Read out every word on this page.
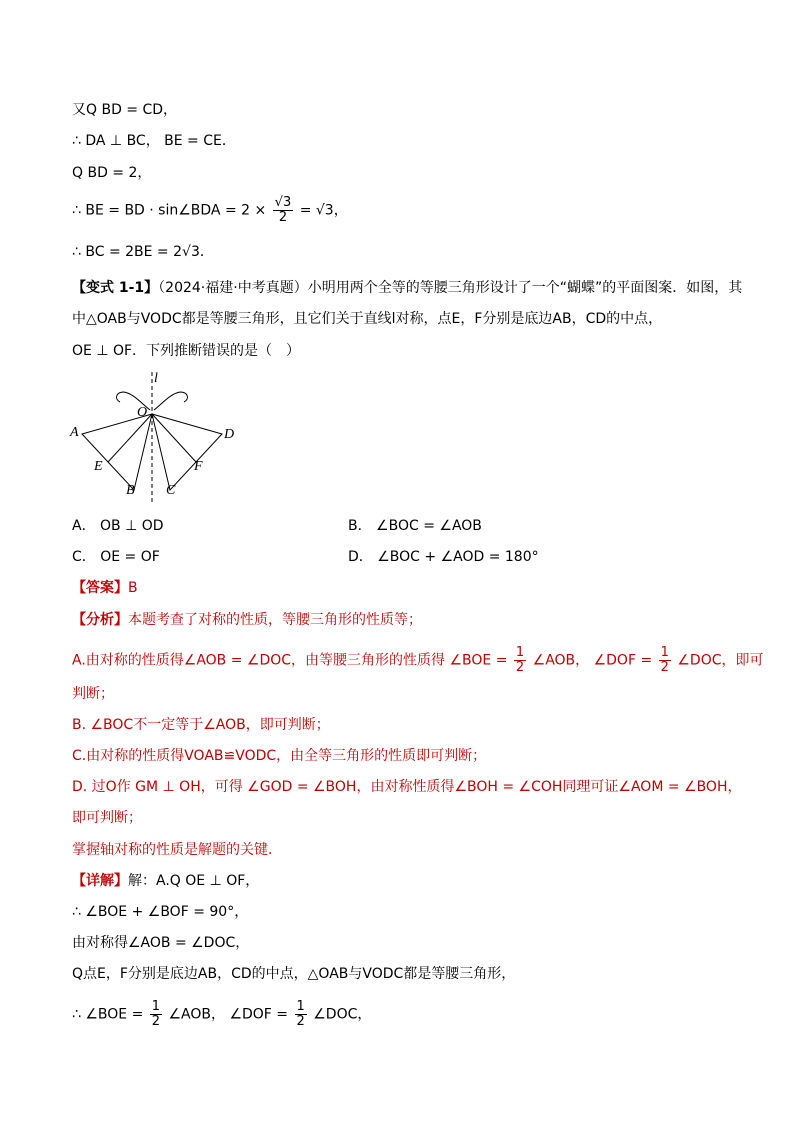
又Q BD = CD，
∴ DA ⊥ BC， BE = CE．
Q BD = 2，
∴ BE = BD · sin∠BDA = $2 \times \frac{√3}{2} = √3$，
∴ BC = 2BE = 2√3．
【变式 1-1】（2024·福建·中考真题）小明用两个全等的等腰三角形设计了一个“蝴蝶”的平面图案．如图，其
中△OAB与VODC都是等腰三角形，且它们关于直线l对称，点E，F分别是底边AB，CD的中点，
OE ⊥ OF．下列推断错误的是（　）
l
O
A	D
E	F
B C
A． OB ⊥ OD	B． ∠BOC = ∠AOB
C． OE = OF	D． ∠BOC + ∠AOD = 180°
【答案】B
【分析】本题考查了对称的性质，等腰三角形的性质等；
A.由对称的性质得∠AOB = ∠DOC，由等腰三角形的性质得 ∠BOE = $\frac{1}{2}$ ∠AOB， ∠DOF = $\frac{1}{2}$ ∠DOC，即可
判断；
B. ∠BOC不一定等于∠AOB，即可判断；
C.由对称的性质得VOAB≌VODC，由全等三角形的性质即可判断；
D. 过O作 GM ⊥ OH，可得 ∠GOD = ∠BOH，由对称性质得∠BOH = ∠COH同理可证∠AOM = ∠BOH，
即可判断；
掌握轴对称的性质是解题的关键．
【详解】解：A.Q OE ⊥ OF，
∴ ∠BOE + ∠BOF = 90°，
由对称得∠AOB = ∠DOC，
Q点E，F分别是底边AB，CD的中点，△OAB与VODC都是等腰三角形，
∴ ∠BOE = $\frac{1}{2}$ ∠AOB， ∠DOF = $\frac{1}{2}$ ∠DOC，
